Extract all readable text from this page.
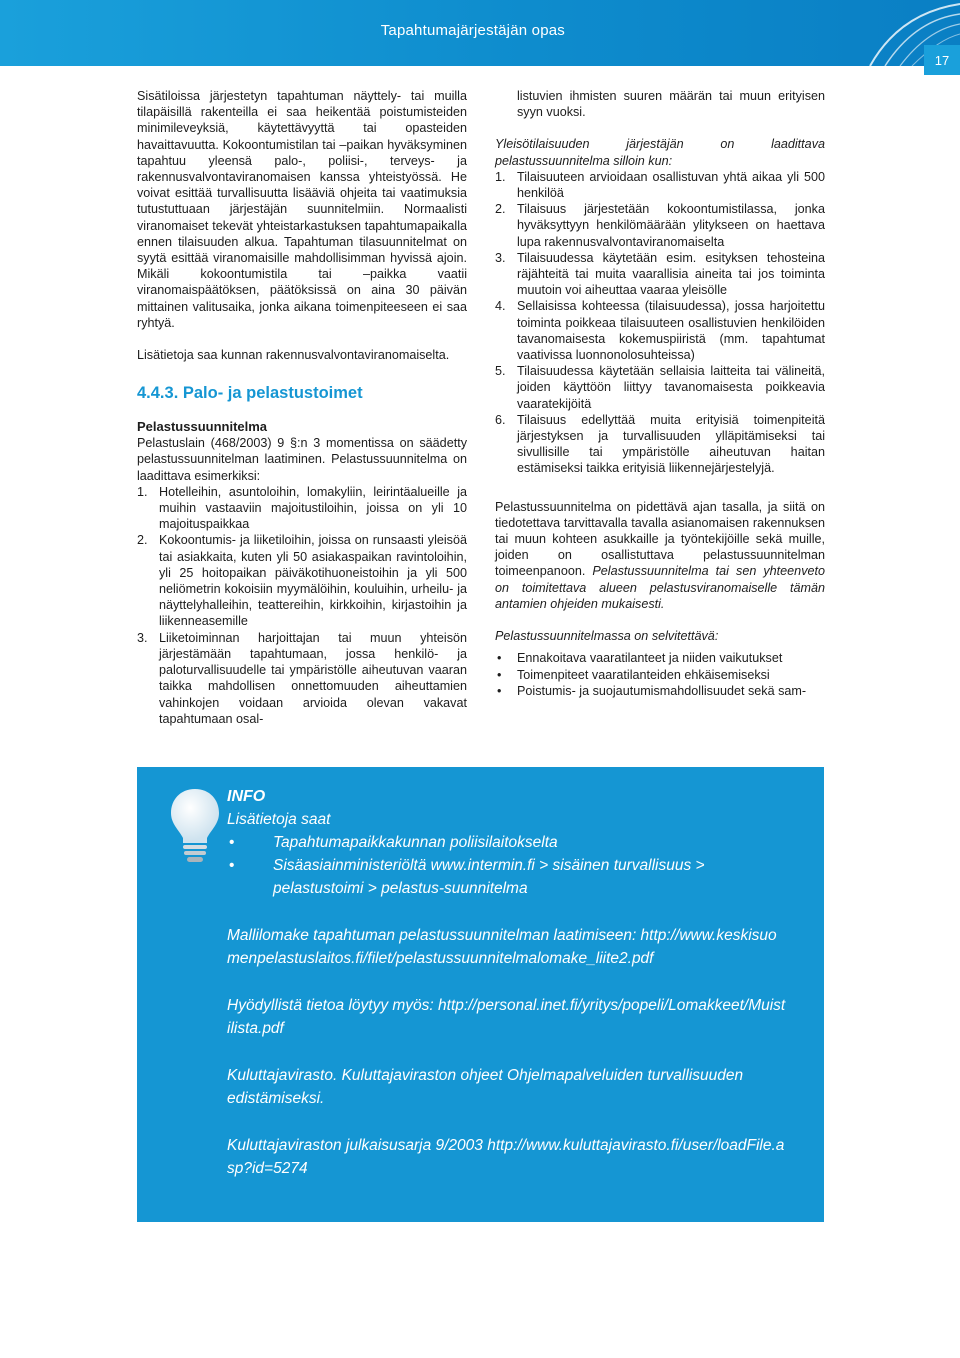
Tapahtumajärjestäjän opas
17

Sisätiloissa järjestetyn tapahtuman näyttely- tai muilla tilapäisillä rakenteilla ei saa heikentää poistumisteiden minimileveyksiä, käytettävyyttä tai opasteiden havaittavuutta. Kokoontumistilan tai –paikan hyväksyminen tapahtuu yleensä palo-, poliisi-, terveys- ja rakennusvalvontaviranomaisen kanssa yhteistyössä. He voivat esittää turvallisuutta lisääviä ohjeita tai vaatimuksia tutustuttuaan järjestäjän suunnitelmiin. Normaalisti viranomaiset tekevät yhteistarkastuksen tapahtumapaikalla ennen tilaisuuden alkua. Tapahtuman tilasuunnitelmat on syytä esittää viranomaisille mahdollisimman hyvissä ajoin. Mikäli kokoontumistila tai –paikka vaatii viranomaispäätöksen, päätöksissä on aina 30 päivän mittainen valitusaika, jonka aikana toimenpiteeseen ei saa ryhtyä.

Lisätietoja saa kunnan rakennusvalvontaviranomaiselta.

4.4.3. Palo- ja pelastustoimet

Pelastussuunnitelma

Pelastuslain (468/2003) 9 §:n 3 momentissa on säädetty pelastussuunnitelman laatiminen. Pelastussuunnitelma on laadittava esimerkiksi:

1. Hotelleihin, asuntoloihin, lomakyliin, leirintäalueille ja muihin vastaaviin majoitustiloihin, joissa on yli 10 majoituspaikkaa
2. Kokoontumis- ja liiketiloihin, joissa on runsaasti yleisöä tai asiakkaita, kuten yli 50 asiakaspaikan ravintoloihin, yli 25 hoitopaikan päiväkotihuoneistoihin ja yli 500 neliömetrin kokoisiin myymälöihin, kouluihin, urheilu- ja näyttelyhalleihin, teattereihin, kirkkoihin, kirjastoihin ja liikenneasemille
3. Liiketoiminnan harjoittajan tai muun yhteisön järjestämään tapahtumaan, jossa henkilö- ja paloturvallisuudelle tai ympäristölle aiheutuvan vaaran taikka mahdollisen onnettomuuden aiheuttamien vahinkojen voidaan arvioida olevan vakavat tapahtumaan osal-

listuvien ihmisten suuren määrän tai muun erityisen syyn vuoksi.

Yleisötilaisuuden järjestäjän on laadittava pelastussuunnitelma silloin kun:

1. Tilaisuuteen arvioidaan osallistuvan yhtä aikaa yli 500 henkilöä
2. Tilaisuus järjestetään kokoontumistilassa, jonka hyväksyttyyn henkilömäärään ylitykseen on haettava lupa rakennusvalvontaviranomaiselta
3. Tilaisuudessa käytetään esim. esityksen tehosteina räjähteitä tai muita vaarallisia aineita tai jos toiminta muutoin voi aiheuttaa vaaraa yleisölle
4. Sellaisissa kohteessa (tilaisuudessa), jossa harjoitettu toiminta poikkeaa tilaisuuteen osallistuvien henkilöiden tavanomaisesta kokemuspiiristä (mm. tapahtumat vaativissa luonnonolosuhteissa)
5. Tilaisuudessa käytetään sellaisia laitteita tai välineitä, joiden käyttöön liittyy tavanomaisesta poikkeavia vaaratekijöitä
6. Tilaisuus edellyttää muita erityisiä toimenpiteitä järjestyksen ja turvallisuuden ylläpitämiseksi tai sivullisille tai ympäristölle aiheutuvan haitan estämiseksi taikka erityisiä liikennejärjestelyjä.

Pelastussuunnitelma on pidettävä ajan tasalla, ja siitä on tiedotettava tarvittavalla tavalla asianomaisen rakennuksen tai muun kohteen asukkaille ja työntekijöille sekä muille, joiden on osallistuttava pelastussuunnitelman toimeenpanoon. Pelastussuunnitelma tai sen yhteenveto on toimitettava alueen pelastusviranomaiselle tämän antamien ohjeiden mukaisesti.

Pelastussuunnitelmassa on selvitettävä:

• Ennakoitava vaaratilanteet ja niiden vaikutukset
• Toimenpiteet vaaratilanteiden ehkäisemiseksi
• Poistumis- ja suojautumismahdollisuudet sekä sam-

INFO

Lisätietoja saat

• Tapahtumapaikkakunnan poliisilaitokselta
• Sisäasiainministeriöltä www.intermin.fi > sisäinen turvallisuus > pelastustoimi > pelastus-suunnitelma

Mallilomake tapahtuman pelastussuunnitelman laatimiseen: http://www.keskisuomenpelastuslaitos.fi/filet/pelastussuunnitelmalomake_liite2.pdf

Hyödyllistä tietoa löytyy myös: http://personal.inet.fi/yritys/popeli/Lomakkeet/Muistilista.pdf

Kuluttajavirasto. Kuluttajaviraston ohjeet Ohjelmapalveluiden turvallisuuden edistämiseksi.

Kuluttajaviraston julkaisusarja 9/2003 http://www.kuluttajavirasto.fi/user/loadFile.asp?id=5274
